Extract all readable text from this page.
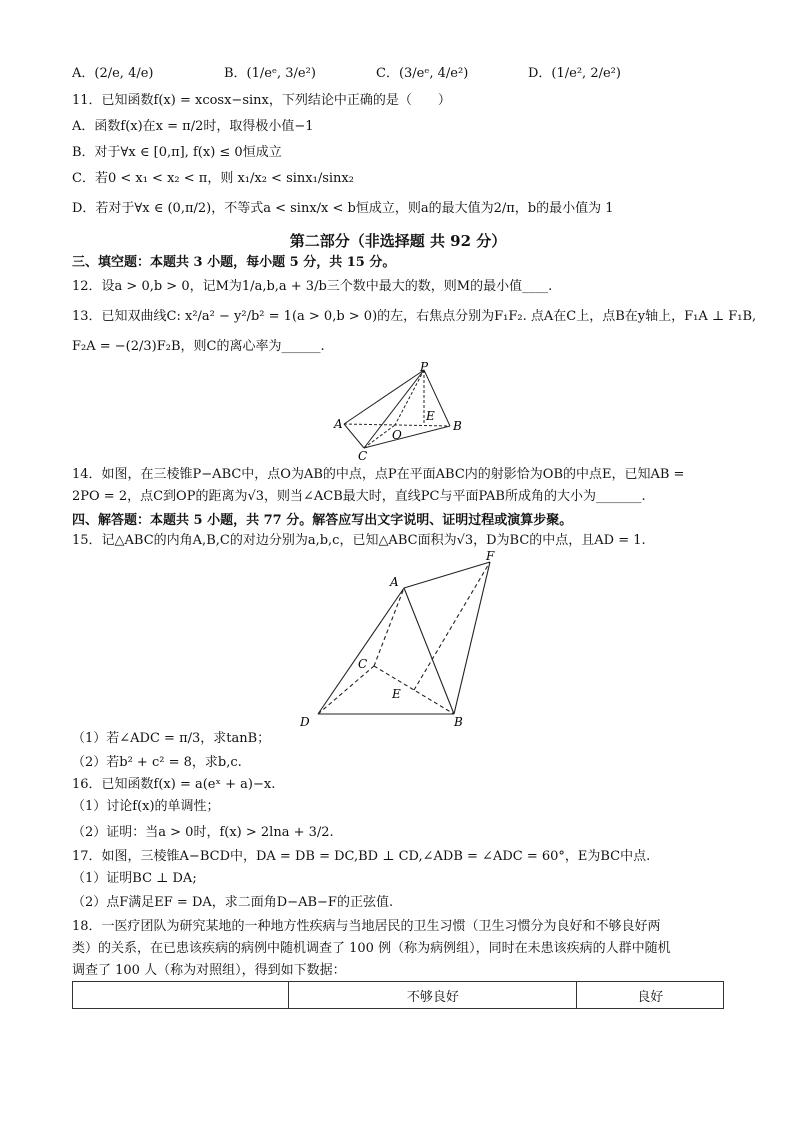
A．(2/e, 4/e)	B．(1/eᵉ, 3/e²)	C．(3/eᵉ, 4/e²)	D．(1/e², 2/e²)
11．已知函数f(x) = xcosx−sinx，下列结论中正确的是（　　）
A．函数f(x)在x = π/2时，取得极小值−1
B．对于∀x ∈ [0,π], f(x) ≤ 0恒成立
C．若0 < x₁ < x₂ < π，则 x₁/x₂ < sinx₁/sinx₂
D．若对于∀x ∈ (0,π/2)，不等式a < sinx/x < b恒成立，则a的最大值为2/π，b的最小值为 1
第二部分（非选择题 共 92 分）
三、填空题：本题共 3 小题，每小题 5 分，共 15 分。
12．设a > 0,b > 0，记M为1/a,b,a + 3/b三个数中最大的数，则M的最小值____.
13．已知双曲线C: x²/a² − y²/b² = 1(a > 0,b > 0)的左，右焦点分别为F₁F₂. 点A在C上，点B在y轴上，F₁A ⊥ F₁B,
F₂A = −(2/3)F₂B，则C的离心率为______.
P
A	B
C
O
E
14．如图，在三棱锥P−ABC中，点O为AB的中点，点P在平面ABC内的射影恰为OB的中点E，已知AB =
2PO = 2，点C到OP的距离为√3，则当∠ACB最大时，直线PC与平面PAB所成角的大小为_______.
四、解答题：本题共 5 小题，共 77 分。解答应写出文字说明、证明过程或演算步聚。
15．记△ABC的内角A,B,C的对边分别为a,b,c，已知△ABC面积为√3，D为BC的中点，且AD = 1.
A
F
C
E
D	B
（1）若∠ADC = π/3，求tanB；
（2）若b² + c² = 8，求b,c.
16．已知函数f(x) = a(eˣ + a)−x.
（1）讨论f(x)的单调性；
（2）证明：当a > 0时，f(x) > 2lna + 3/2.
17．如图，三棱锥A−BCD中，DA = DB = DC,BD ⊥ CD,∠ADB = ∠ADC = 60°，E为BC中点.
（1）证明BC ⊥ DA;
（2）点F满足EF = DA，求二面角D−AB−F的正弦值.
18．一医疗团队为研究某地的一种地方性疾病与当地居民的卫生习惯（卫生习惯分为良好和不够良好两
类）的关系，在已患该疾病的病例中随机调查了 100 例（称为病例组），同时在未患该疾病的人群中随机
调查了 100 人（称为对照组），得到如下数据：
	不够良好	良好
